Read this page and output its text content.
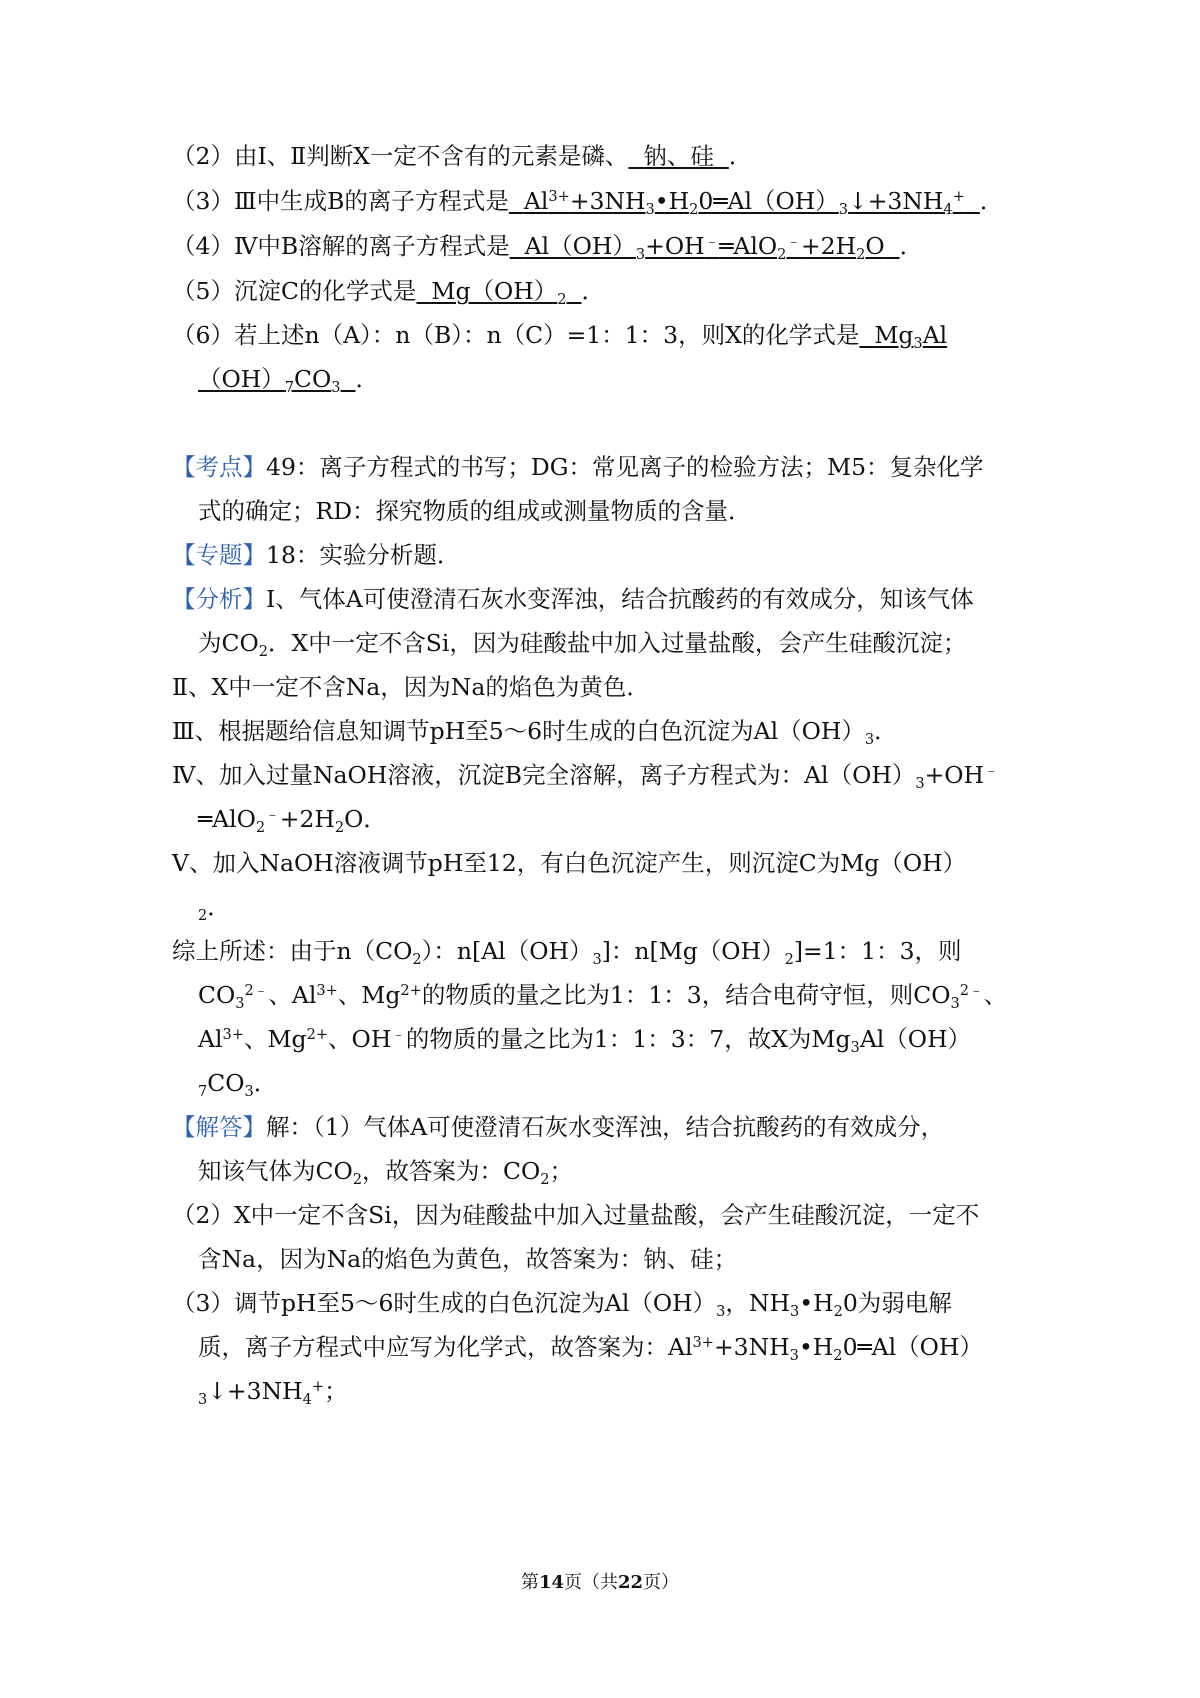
（2）由Ⅰ、Ⅱ判断X一定不含有的元素是磷、 钠、硅 ．
（3）Ⅲ中生成B的离子方程式是 $Al^{3+}+3NH_3•H_20═Al(OH)_3↓+3NH_4^+$ ．
（4）Ⅳ中B溶解的离子方程式是 $Al(OH)_3+OH^﹣═AlO_2^﹣+2H_2O$ ．
（5）沉淀C的化学式是 $Mg(OH)_2$ ．
（6）若上述n（A）：n（B）：n（C）=1：1：3，则X的化学式是 $Mg_3Al$
$(OH)_7CO_3$ ．
【考点】49：离子方程式的书写；DG：常见离子的检验方法；M5：复杂化学
式的确定；RD：探究物质的组成或测量物质的含量．
【专题】18：实验分析题．
【分析】Ⅰ、气体A可使澄清石灰水变浑浊，结合抗酸药的有效成分，知该气体
为$CO_2$．X中一定不含Si，因为硅酸盐中加入过量盐酸，会产生硅酸沉淀；
Ⅱ、X中一定不含Na，因为Na的焰色为黄色．
Ⅲ、根据题给信息知调节pH至5～6时生成的白色沉淀为$Al(OH)_3$．
Ⅳ、加入过量NaOH溶液，沉淀B完全溶解，离子方程式为：$Al(OH)_3+OH^﹣$
$═AlO_2^﹣+2H_2O$．
Ⅴ、加入NaOH溶液调节pH至12，有白色沉淀产生，则沉淀C为Mg（OH）
$_2$．
综上所述：由于$n(CO_2)$：$n[Al(OH)_3]$：$n[Mg(OH)_2]=1$：1：3，则
$CO_3^{2﹣}$、$Al^{3+}$、$Mg^{2+}$的物质的量之比为1：1：3，结合电荷守恒，则$CO_3^{2﹣}$、
$Al^{3+}$、$Mg^{2+}$、OH﹣的物质的量之比为1：1：3：7，故X为$Mg_3Al(OH)$
$_7CO_3$．
【解答】解：（1）气体A可使澄清石灰水变浑浊，结合抗酸药的有效成分，
知该气体为$CO_2$，故答案为：$CO_2$；
（2）X中一定不含Si，因为硅酸盐中加入过量盐酸，会产生硅酸沉淀，一定不
含Na，因为Na的焰色为黄色，故答案为：钠、硅；
（3）调节pH至5～6时生成的白色沉淀为$Al(OH)_3$，$NH_3•H_20$为弱电解
质，离子方程式中应写为化学式，故答案为：$Al^{3+}+3NH_3•H_20═Al(OH)$
$_3↓+3NH_4^+$；
第14页（共22页）
